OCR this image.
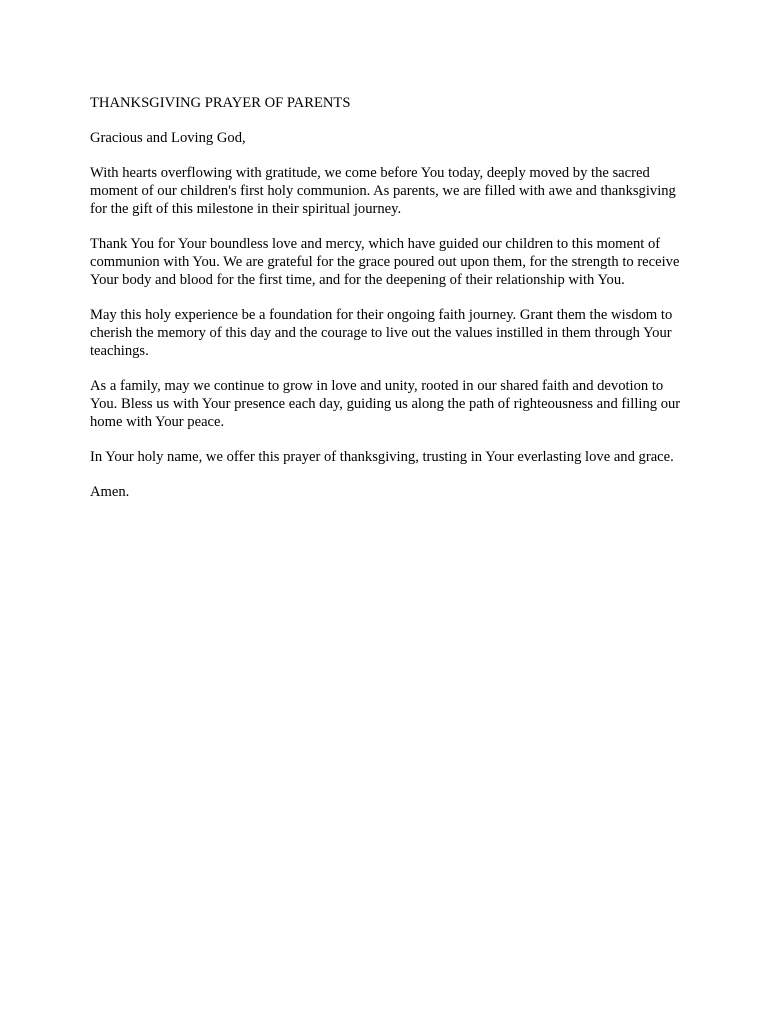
THANKSGIVING PRAYER OF PARENTS

Gracious and Loving God,

With hearts overflowing with gratitude, we come before You today, deeply moved by the sacred moment of our children's first holy communion. As parents, we are filled with awe and thanksgiving for the gift of this milestone in their spiritual journey.

Thank You for Your boundless love and mercy, which have guided our children to this moment of communion with You. We are grateful for the grace poured out upon them, for the strength to receive Your body and blood for the first time, and for the deepening of their relationship with You.

May this holy experience be a foundation for their ongoing faith journey. Grant them the wisdom to cherish the memory of this day and the courage to live out the values instilled in them through Your teachings.

As a family, may we continue to grow in love and unity, rooted in our shared faith and devotion to You. Bless us with Your presence each day, guiding us along the path of righteousness and filling our home with Your peace.

In Your holy name, we offer this prayer of thanksgiving, trusting in Your everlasting love and grace.

Amen.
